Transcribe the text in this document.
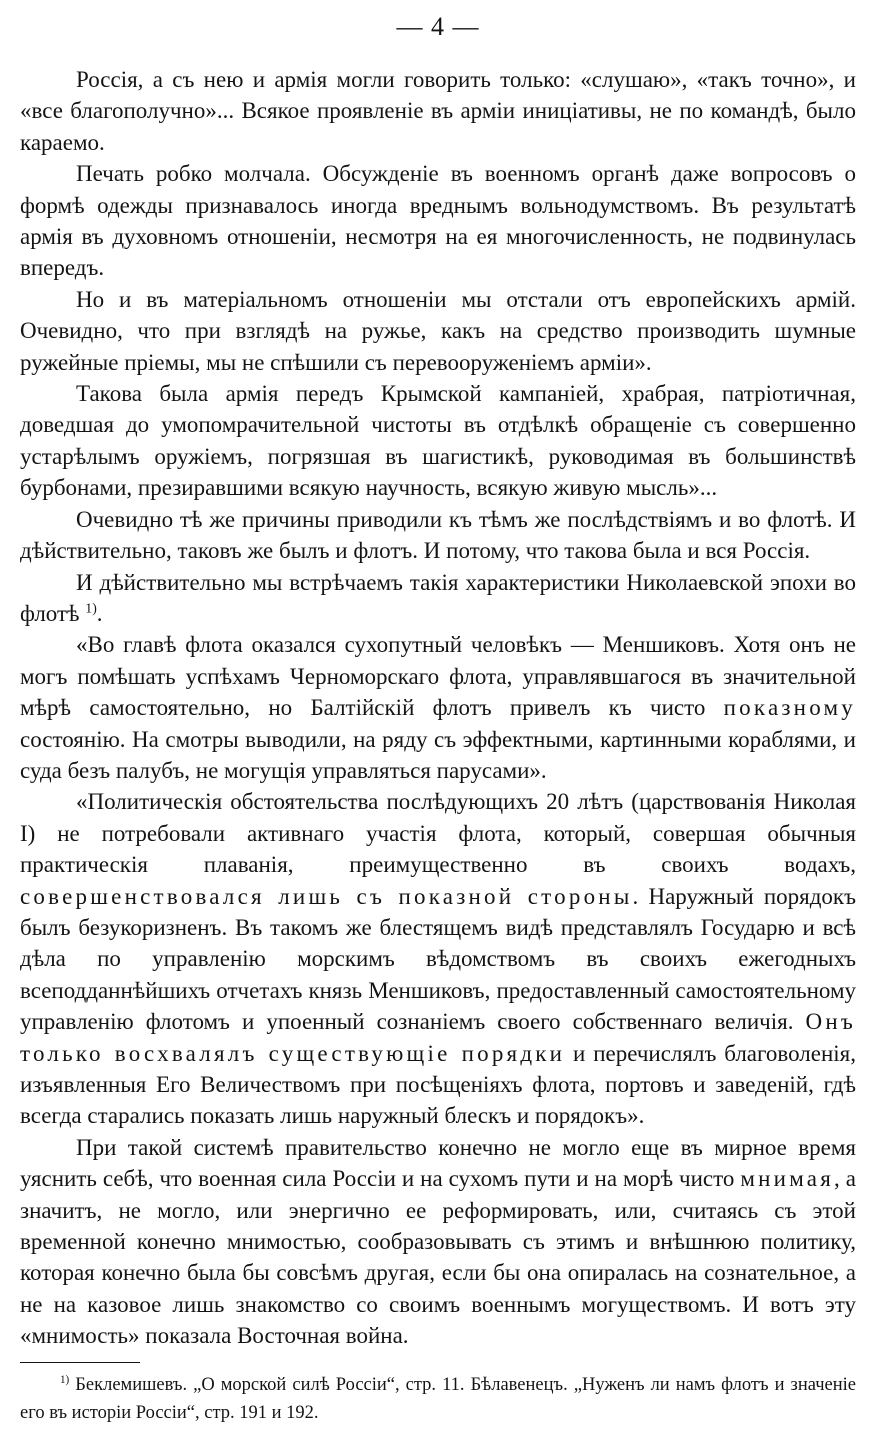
— 4 —

Россія, а съ нею и армія могли говорить только: «слушаю», «такъ точно», и «все благополучно»... Всякое проявленіе въ арміи иниціативы, не по командѣ, было караемо.

Печать робко молчала. Обсужденіе въ военномъ органѣ даже вопросовъ о формѣ одежды признавалось иногда вреднымъ вольнодумствомъ. Въ результатѣ армія въ духовномъ отношеніи, несмотря на ея многочисленность, не подвинулась впередъ.

Но и въ матеріальномъ отношеніи мы отстали отъ европейскихъ армій. Очевидно, что при взглядѣ на ружье, какъ на средство производить шумные ружейные пріемы, мы не спѣшили съ перевооруженіемъ арміи».

Такова была армія передъ Крымской кампаніей, храбрая, патріотичная, доведшая до умопомрачительной чистоты въ отдѣлкѣ обращеніе съ совершенно устарѣлымъ оружіемъ, погрязшая въ шагистикѣ, руководимая въ большинствѣ бурбонами, презиравшими всякую научность, всякую живую мысль»...

Очевидно тѣ же причины приводили къ тѣмъ же послѣдствіямъ и во флотѣ. И дѣйствительно, таковъ же былъ и флотъ. И потому, что такова была и вся Россія.

И дѣйствительно мы встрѣчаемъ такія характеристики Николаевской эпохи во флотѣ $^{1)}$.

«Во главѣ флота оказался сухопутный человѣкъ — Меншиковъ. Хотя онъ не могъ помѣшать успѣхамъ Черноморскаго флота, управлявшагося въ значительной мѣрѣ самостоятельно, но Балтійскій флотъ привелъ къ чисто показному состоянію. На смотры выводили, на ряду съ эффектными, картинными кораблями, и суда безъ палубъ, не могущія управляться парусами».

«Политическія обстоятельства послѣдующихъ 20 лѣтъ (царствованія Николая I) не потребовали активнаго участія флота, который, совершая обычныя практическія плаванія, преимущественно въ своихъ водахъ, совершенствовался лишь съ показной стороны. Наружный порядокъ былъ безукоризненъ. Въ такомъ же блестящемъ видѣ представлялъ Государю и всѣ дѣла по управленію морскимъ вѣдомствомъ въ своихъ ежегодныхъ всеподданнѣйшихъ отчетахъ князь Меншиковъ, предоставленный самостоятельному управленію флотомъ и упоенный сознаніемъ своего собственнаго величія. Онъ только восхвалялъ существующіе порядки и перечислялъ благоволенія, изъявленныя Его Величествомъ при посѣщеніяхъ флота, портовъ и заведеній, гдѣ всегда старались показать лишь наружный блескъ и порядокъ».

При такой системѣ правительство конечно не могло еще въ мирное время уяснить себѣ, что военная сила Россіи и на сухомъ пути и на морѣ чисто мнимая, а значитъ, не могло, или энергично ее реформировать, или, считаясь съ этой временной конечно мнимостью, сообразовывать съ этимъ и внѣшнюю политику, которая конечно была бы совсѣмъ другая, если бы она опиралась на сознательное, а не на казовое лишь знакомство со своимъ военнымъ могуществомъ. И вотъ эту «мнимость» показала Восточная война.

$^{1)}$ Беклемишевъ. „О морской силѣ Россіи“, стр. 11. Бѣлавенецъ. „Нуженъ ли намъ флотъ и значеніе его въ исторіи Россіи“, стр. 191 и 192.
